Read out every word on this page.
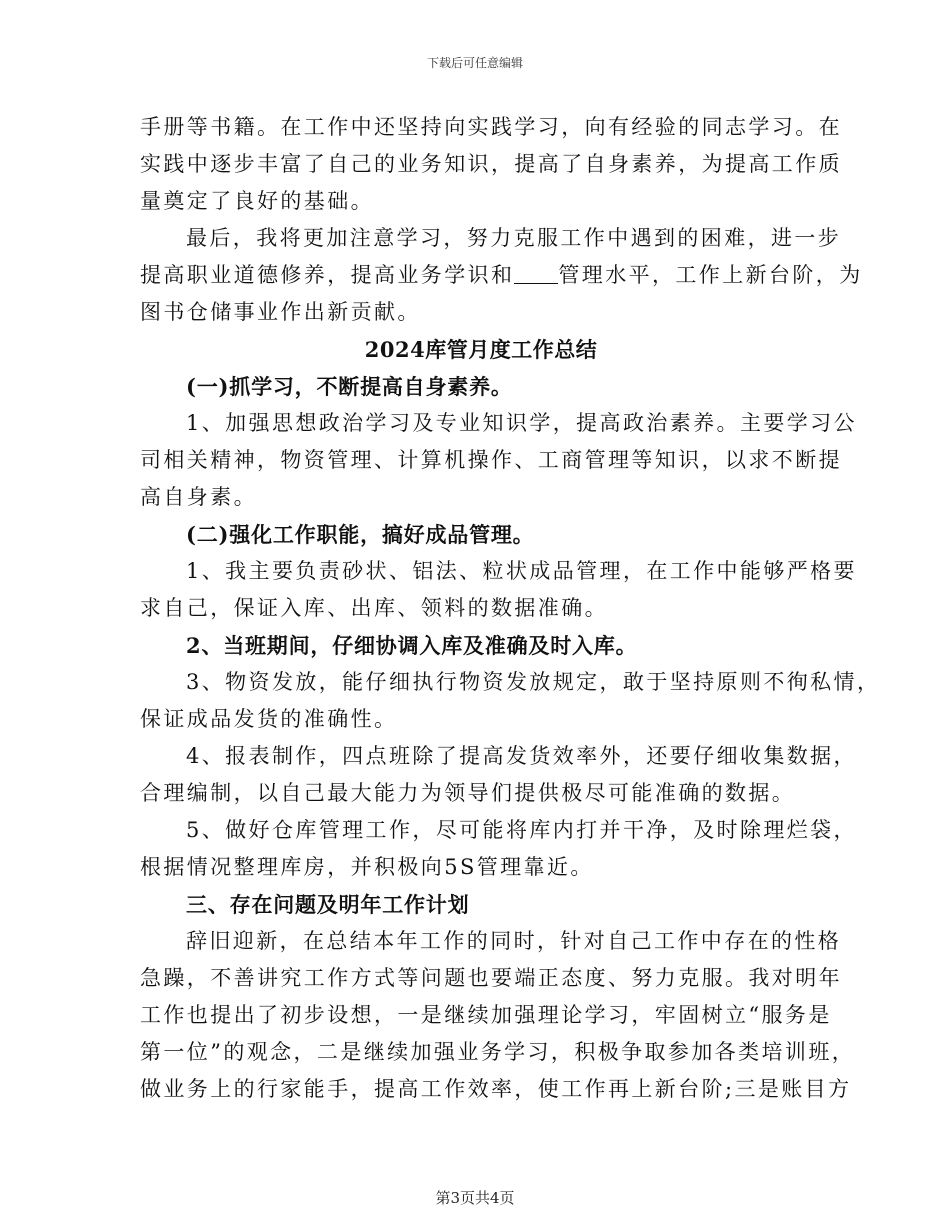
下载后可任意编辑
手册等书籍。在工作中还坚持向实践学习，向有经验的同志学习。在
实践中逐步丰富了自己的业务知识，提高了自身素养，为提高工作质
量奠定了良好的基础。
最后，我将更加注意学习，努力克服工作中遇到的困难，进一步
提高职业道德修养，提高业务学识和 管理水平，工作上新台阶，为
图书仓储事业作出新贡献。
2024库管月度工作总结
(一)抓学习，不断提高自身素养。
1、加强思想政治学习及专业知识学，提高政治素养。主要学习公
司相关精神，物资管理、计算机操作、工商管理等知识，以求不断提
高自身素。
(二)强化工作职能，搞好成品管理。
1、我主要负责砂状、铝法、粒状成品管理，在工作中能够严格要
求自己，保证入库、出库、领料的数据准确。
2、当班期间，仔细协调入库及准确及时入库。
3、物资发放，能仔细执行物资发放规定，敢于坚持原则不徇私情，
保证成品发货的准确性。
4、报表制作，四点班除了提高发货效率外，还要仔细收集数据，
合理编制，以自己最大能力为领导们提供极尽可能准确的数据。
5、做好仓库管理工作，尽可能将库内打并干净，及时除理烂袋，
根据情况整理库房，并积极向5S管理靠近。
三、存在问题及明年工作计划
辞旧迎新，在总结本年工作的同时，针对自己工作中存在的性格
急躁，不善讲究工作方式等问题也要端正态度、努力克服。我对明年
工作也提出了初步设想，一是继续加强理论学习，牢固树立“服务是
第一位”的观念，二是继续加强业务学习，积极争取参加各类培训班，
做业务上的行家能手，提高工作效率，使工作再上新台阶;三是账目方
第3页共4页
